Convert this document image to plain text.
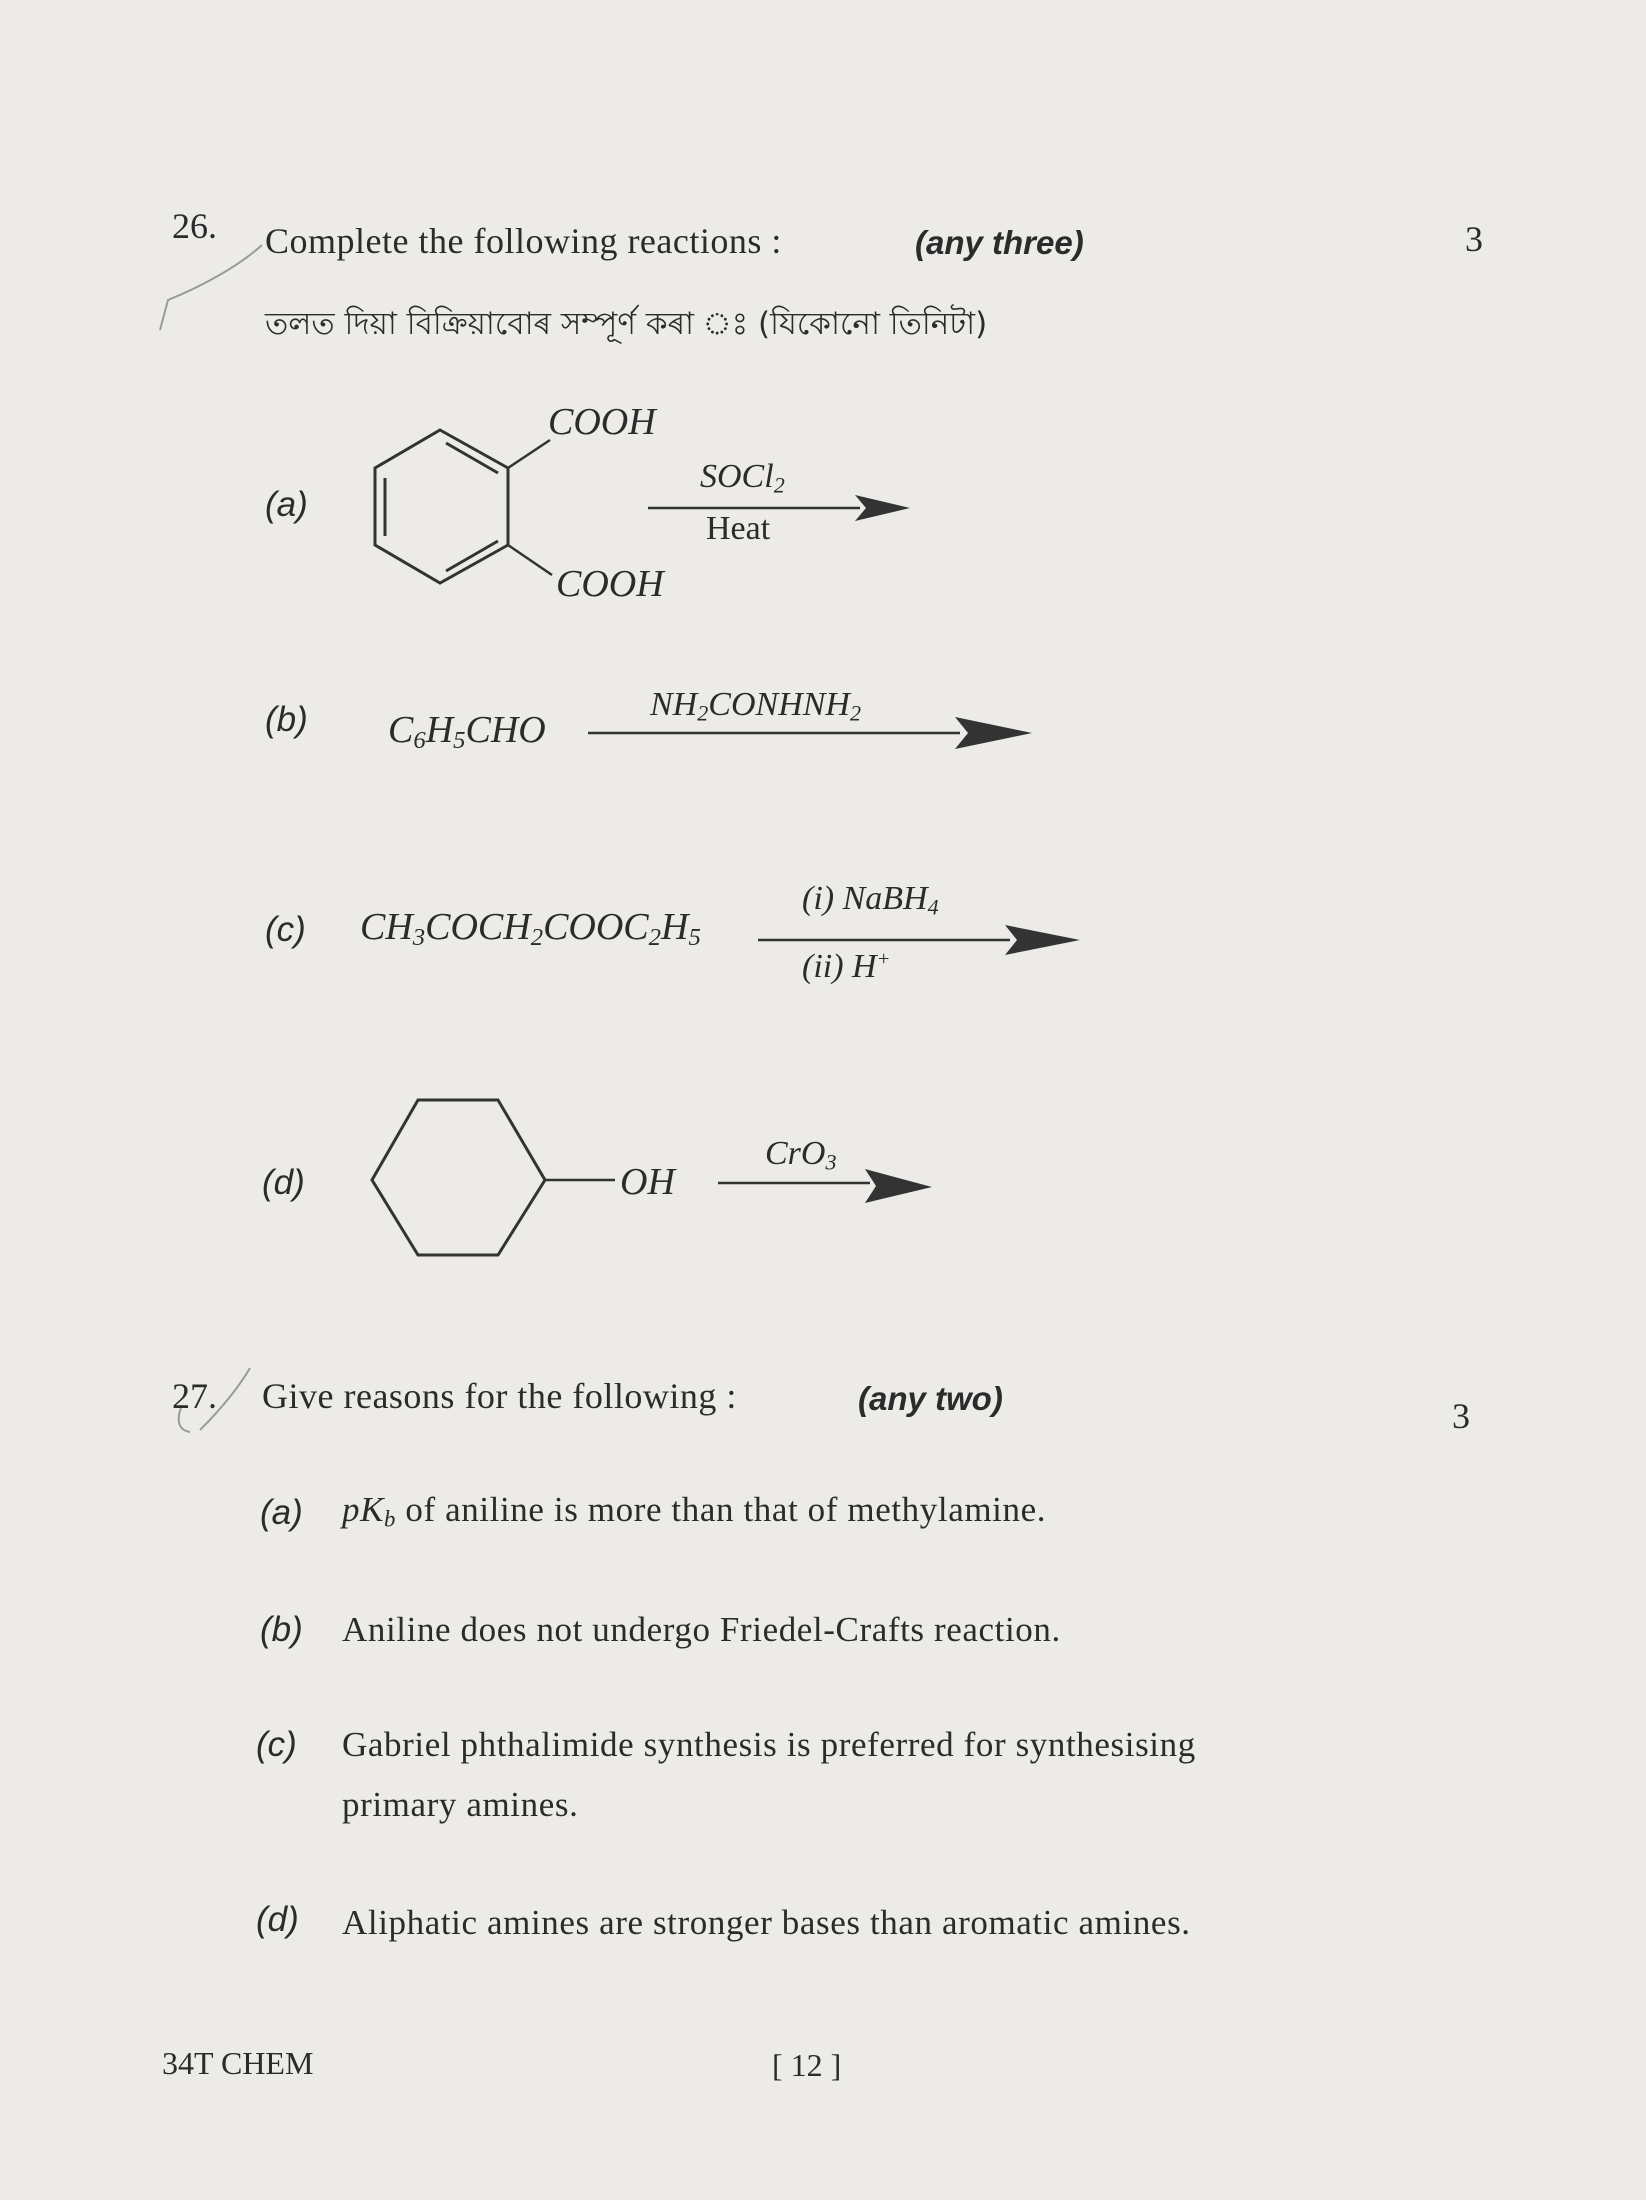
26. Complete the following reactions :	(any three)	3
তলত দিয়া বিক্ৰিয়াবোৰ সম্পূৰ্ণ কৰা ঃ (যিকোনো তিনিটা)
(a)
COOH
COOH
SOCl$_2$
Heat
(b) $C_6H_5CHO$
$NH_2CONHNH_2$
(c) $CH_3COCH_2COOC_2H_5$
(i) NaBH$_4$
(ii) H+
(d)	OH
CrO$_3$
27. Give reasons for the following :	(any two)	3
(a) $pK_b$ of aniline is more than that of methylamine.
(b) Aniline does not undergo Friedel-Crafts reaction.
(c) Gabriel phthalimide synthesis is preferred for synthesising
primary amines.
(d) Aliphatic amines are stronger bases than aromatic amines.
34T CHEM	[ 12 ]
